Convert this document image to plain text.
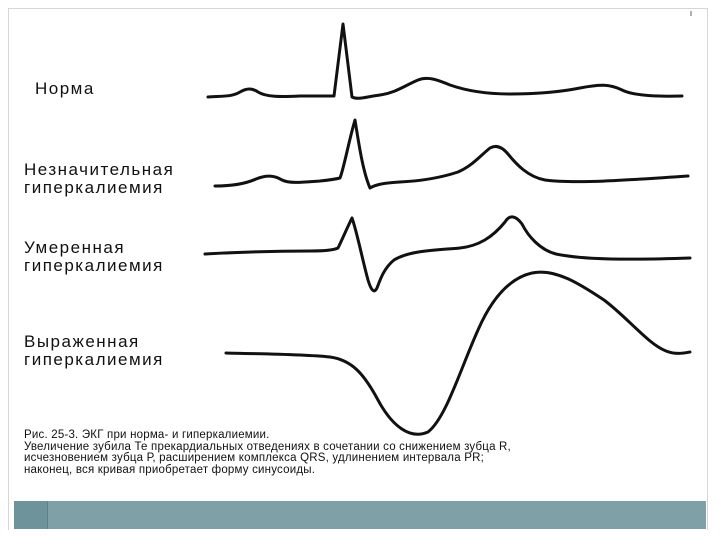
Норма
Незначительная
гиперкалиемия
Умеренная
гиперкалиемия
Выраженная
гиперкалиемия
Рис. 25-3. ЭКГ при норма- и гиперкалиемии.
Увеличение зубила Те прекардиальных отведениях в сочетании со снижением зубца R,
исчезновением зубца Р, расширением комплекса QRS, удлинением интервала PR;
наконец, вся кривая приобретает форму синусоиды.
